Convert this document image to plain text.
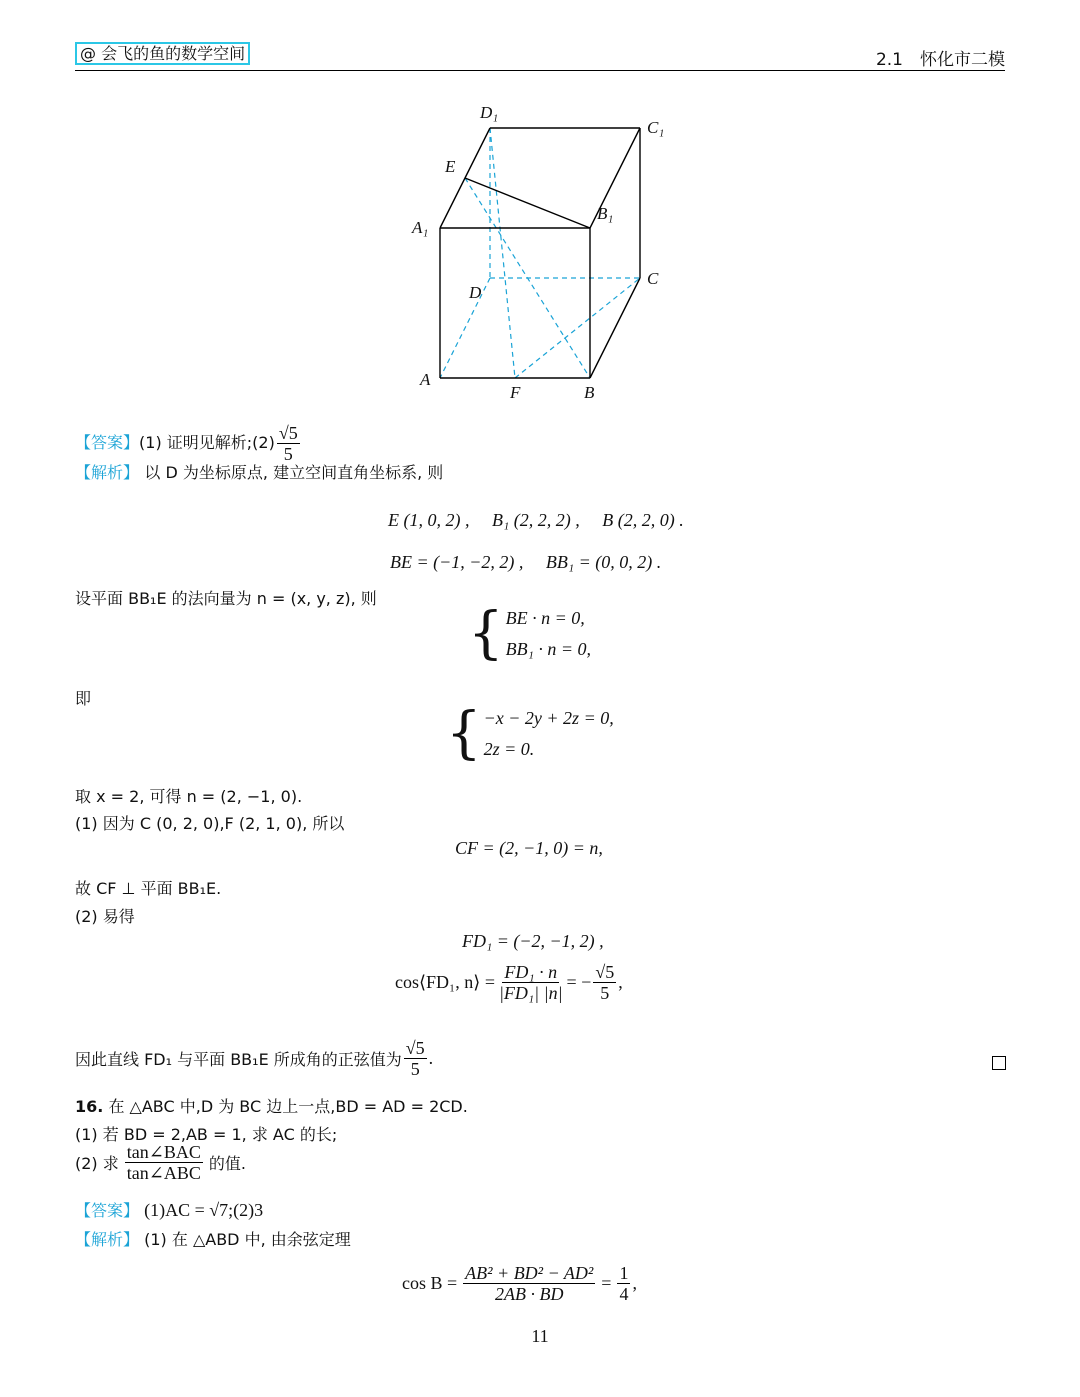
@ 会飞的鱼的数学空间	2.1　怀化市二模
D₁
C₁
E
B₁
A₁
C
D
A
F	B
【答案】 (1) 证明见解析;(2) $\frac{√5}{5}$
【解析】 以 D 为坐标原点, 建立空间直角坐标系, 则
E (1, 0, 2) ,　 B₁ (2, 2, 2) ,　 B (2, 2, 0) .
BE = (−1, −2, 2) ,　 BB₁ = (0, 0, 2) .
设平面 BB₁E 的法向量为 n = (x, y, z), 则
{ BE · n = 0,
BB₁ · n = 0,
即
{ −x − 2y + 2z = 0,
2z = 0.
取 x = 2, 可得 n = (2, −1, 0).
(1) 因为 C (0, 2, 0),F (2, 1, 0), 所以
CF = (2, −1, 0) = n,
故 CF ⊥ 平面 BB₁E.
(2) 易得
FD₁ = (−2, −1, 2) ,
cos⟨FD₁, n⟩ = $\frac{\text{FD₁ · n}}{\text{|FD₁| |n|}}$ = − $\frac{√5}{5}$ ,
因此直线 FD₁ 与平面 BB₁E 所成角的正弦值为 $\frac{√5}{5}$ .
16. 在 △ABC 中,D 为 BC 边上一点,BD = AD = 2CD.
(1) 若 BD = 2,AB = 1, 求 AC 的长;
(2) 求 $\frac{\text{tan∠BAC}}{\text{tan∠ABC}}$ 的值.
【答案】 (1)AC = √7;(2)3
【解析】 (1) 在 △ABD 中, 由余弦定理
$\cos B = \frac{\text{AB² + BD² − AD²}}{2AB \cdot BD} = \frac{1}{4}$ ,
11
